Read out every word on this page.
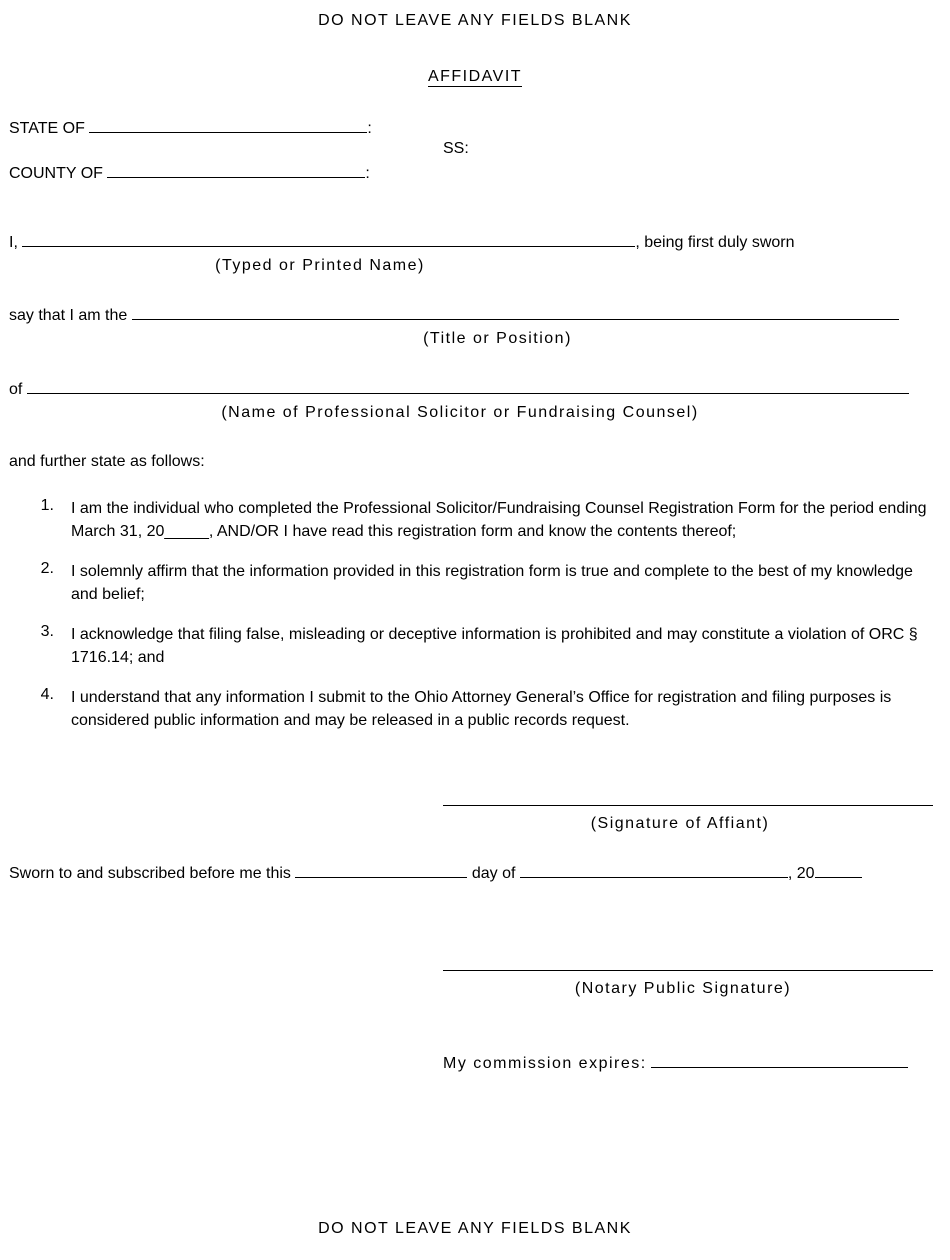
DO NOT LEAVE ANY FIELDS BLANK
AFFIDAVIT
STATE OF	:
SS:
COUNTY OF	:
I,	, being first duly sworn
(Typed or Printed Name)
say that I am the
(Title or Position)
of
(Name of Professional Solicitor or Fundraising Counsel)
and further state as follows:
1. I am the individual who completed the Professional Solicitor/Fundraising Counsel Registration Form for the period ending March 31, 20_____, AND/OR I have read this registration form and know the contents thereof;
2. I solemnly affirm that the information provided in this registration form is true and complete to the best of my knowledge and belief;
3. I acknowledge that filing false, misleading or deceptive information is prohibited and may constitute a violation of ORC § 1716.14; and
4. I understand that any information I submit to the Ohio Attorney General’s Office for registration and filing purposes is considered public information and may be released in a public records request.
(Signature of Affiant)
Sworn to and subscribed before me this	day of	, 20
(Notary Public Signature)
My commission expires:
DO NOT LEAVE ANY FIELDS BLANK
